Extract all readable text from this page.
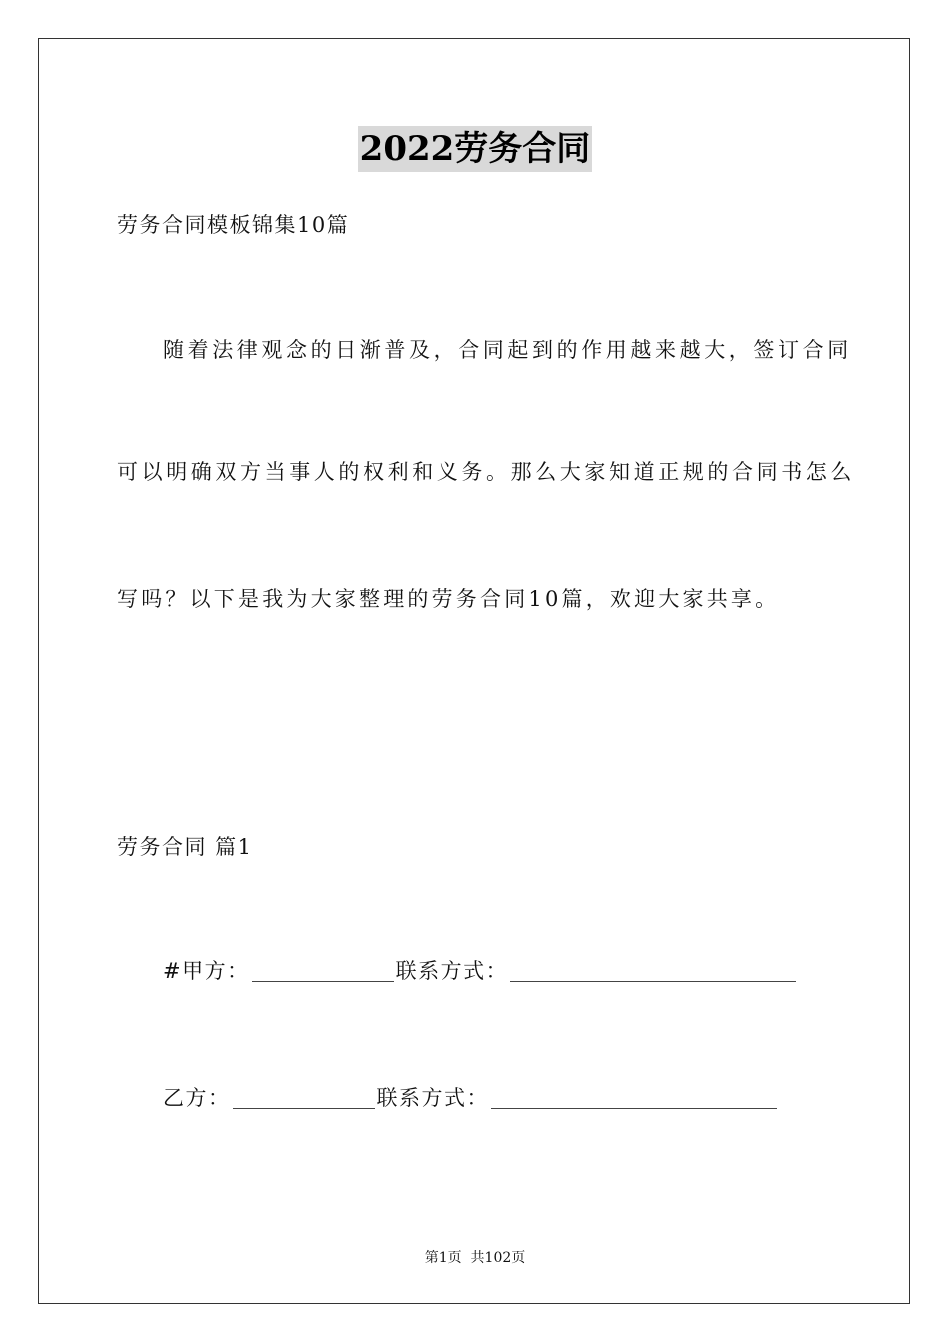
2022劳务合同
劳务合同模板锦集10篇
随着法律观念的日渐普及，合同起到的作用越来越大，签订合同
可以明确双方当事人的权利和义务。那么大家知道正规的合同书怎么
写吗？以下是我为大家整理的劳务合同10篇，欢迎大家共享。
劳务合同 篇1
#甲方：	联系方式：
乙方：	联系方式：
第1页  共102页
